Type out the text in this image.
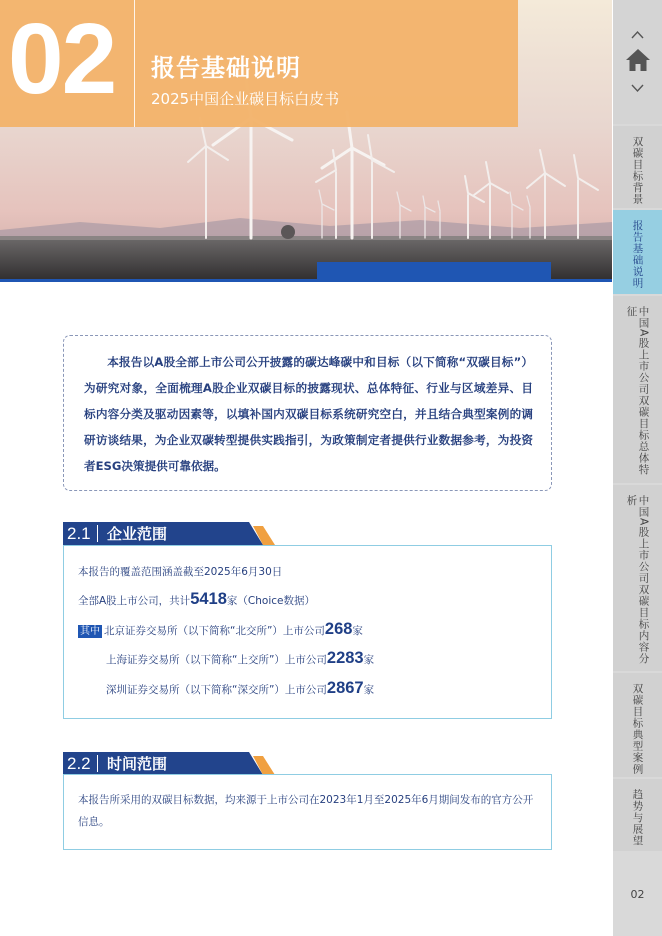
02 报告基础说明
2025中国企业碳目标白皮书
双碳目标背景
报告基础说明
中国A股上市公司双碳目标总体特征
中国A股上市公司双碳目标内容分析
双碳目标典型案例
趋势与展望
02

本报告以A股全部上市公司公开披露的碳达峰碳中和目标（以下简称“双碳目标”）为研究对象，全面梳理A股企业双碳目标的披露现状、总体特征、行业与区域差异、目标内容分类及驱动因素等，以填补国内双碳目标系统研究空白，并且结合典型案例的调研访谈结果，为企业双碳转型提供实践指引，为政策制定者提供行业数据参考，为投资者ESG决策提供可靠依据。

2.1 企业范围
本报告的覆盖范围涵盖截至2025年6月30日
全部A股上市公司，共计5418家（Choice数据）
其中 北京证券交易所（以下简称“北交所”）上市公司268家
上海证券交易所（以下简称“上交所”）上市公司2283家
深圳证券交易所（以下简称“深交所”）上市公司2867家
2.2 时间范围

本报告所采用的双碳目标数据，均来源于上市公司在2023年1月至2025年6月期间发布的官方公开信息。
